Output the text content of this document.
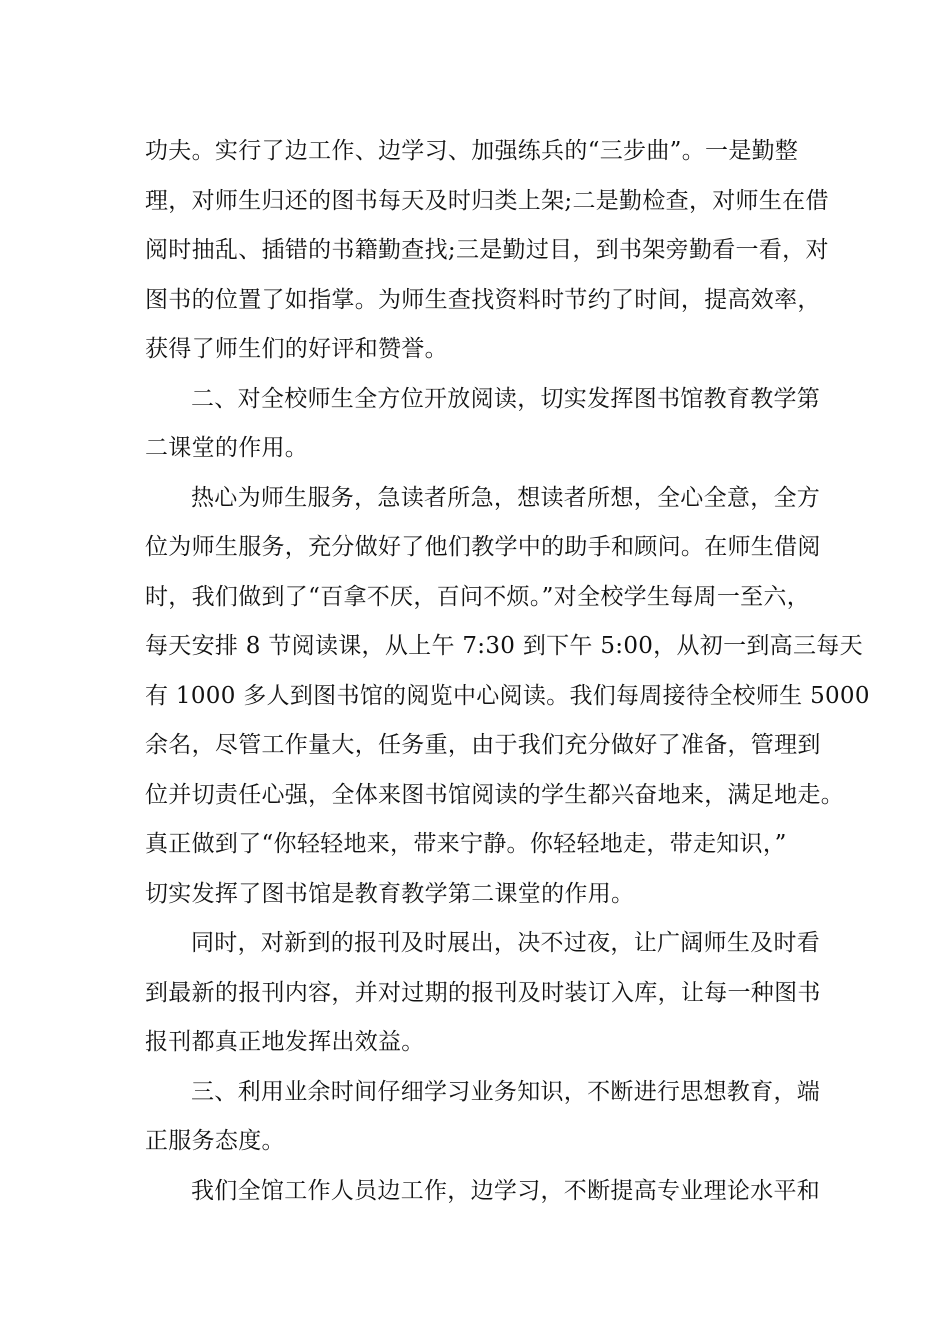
功夫。实行了边工作、边学习、加强练兵的“三步曲”。一是勤整
理，对师生归还的图书每天及时归类上架;二是勤检查，对师生在借
阅时抽乱、插错的书籍勤查找;三是勤过目，到书架旁勤看一看，对
图书的位置了如指掌。为师生查找资料时节约了时间，提高效率，
获得了师生们的好评和赞誉。
二、对全校师生全方位开放阅读，切实发挥图书馆教育教学第
二课堂的作用。
热心为师生服务，急读者所急，想读者所想，全心全意，全方
位为师生服务，充分做好了他们教学中的助手和顾问。在师生借阅
时，我们做到了“百拿不厌，百问不烦。”对全校学生每周一至六，
每天安排 8 节阅读课，从上午 7:30 到下午 5:00，从初一到高三每天
有 1000 多人到图书馆的阅览中心阅读。我们每周接待全校师生 5000
余名，尽管工作量大，任务重，由于我们充分做好了准备，管理到
位并切责任心强，全体来图书馆阅读的学生都兴奋地来，满足地走。
真正做到了“你轻轻地来，带来宁静。你轻轻地走，带走知识，”
切实发挥了图书馆是教育教学第二课堂的作用。
同时，对新到的报刊及时展出，决不过夜，让广阔师生及时看
到最新的报刊内容，并对过期的报刊及时装订入库，让每一种图书
报刊都真正地发挥出效益。
三、利用业余时间仔细学习业务知识，不断进行思想教育，端
正服务态度。
我们全馆工作人员边工作，边学习，不断提高专业理论水平和
